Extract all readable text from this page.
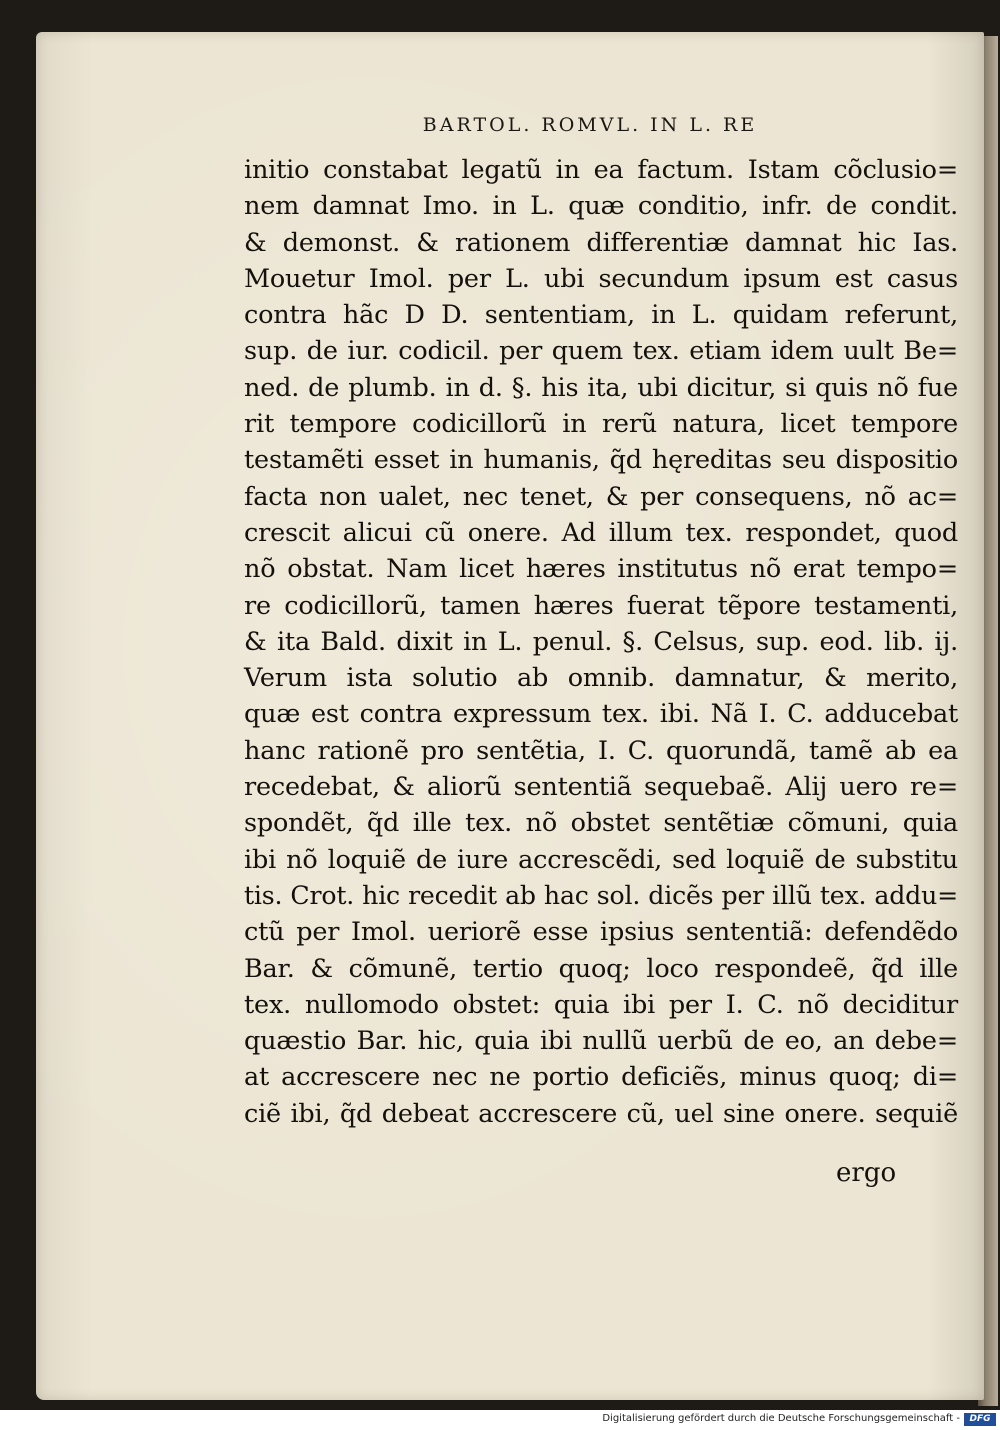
BARTOL. ROMVL. IN L. RE
initio constabat legatũ in ea factum. Istam cõclusio=
nem damnat Imo. in L. quæ conditio, infr. de condit.
& demonst. & rationem differentiæ damnat hic Ias.
Mouetur Imol. per L. ubi secundum ipsum est casus
contra hãc D D. sententiam, in L. quidam referunt,
sup. de iur. codicil. per quem tex. etiam idem uult Be=
ned. de plumb. in d. §. his ita, ubi dicitur, si quis nõ fue
rit tempore codicillorũ in rerũ natura, licet tempore
testamẽti esset in humanis, q̃d hęreditas seu dispositio
facta non ualet, nec tenet, & per consequens, nõ ac=
crescit alicui cũ onere. Ad illum tex. respondet, quod
nõ obstat. Nam licet hæres institutus nõ erat tempo=
re codicillorũ, tamen hæres fuerat tẽpore testamenti,
& ita Bald. dixit in L. penul. §. Celsus, sup. eod. lib. ij.
Verum ista solutio ab omnib. damnatur, & merito,
quæ est contra expressum tex. ibi. Nã I. C. adducebat
hanc rationẽ pro sentẽtia, I. C. quorundã, tamẽ ab ea
recedebat, & aliorũ sententiã sequebaẽ. Alij uero re=
spondẽt, q̃d ille tex. nõ obstet sentẽtiæ cõmuni, quia
ibi nõ loquiẽ de iure accrescẽdi, sed loquiẽ de substitu
tis. Crot. hic recedit ab hac sol. dicẽs per illũ tex. addu=
ctũ per Imol. ueriorẽ esse ipsius sententiã: defendẽdo
Bar. & cõmunẽ, tertio quoq; loco respondeẽ, q̃d ille
tex. nullomodo obstet: quia ibi per I. C. nõ deciditur
quæstio Bar. hic, quia ibi nullũ uerbũ de eo, an debe=
at accrescere nec ne portio deficiẽs, minus quoq; di=
ciẽ ibi, q̃d debeat accrescere cũ, uel sine onere. sequiẽ
ergo
Digitalisierung gefördert durch die Deutsche Forschungsgemeinschaft -	DFG
